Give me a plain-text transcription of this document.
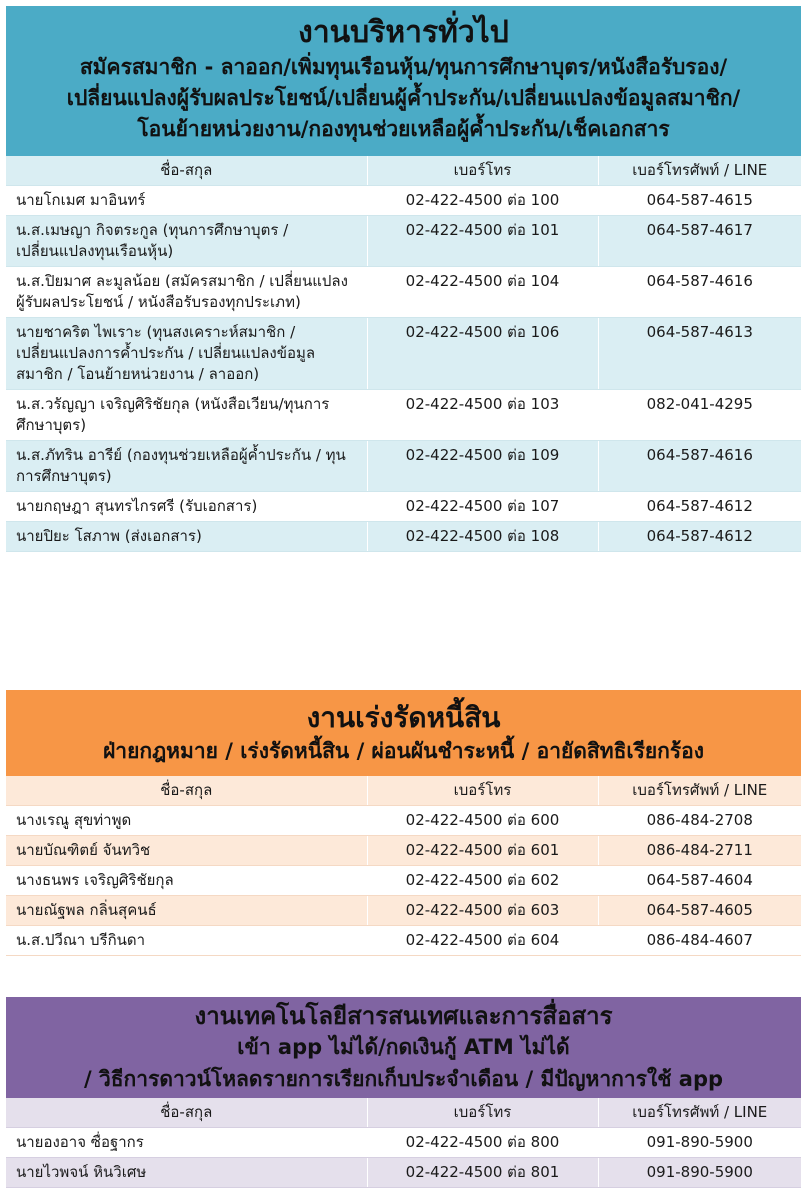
งานบริหารทั่วไป
สมัครสมาชิก - ลาออก/เพิ่มทุนเรือนหุ้น/ทุนการศึกษาบุตร/หนังสือรับรอง/
เปลี่ยนแปลงผู้รับผลประโยชน์/เปลี่ยนผู้ค้ำประกัน/เปลี่ยนแปลงข้อมูลสมาชิก/
โอนย้ายหน่วยงาน/กองทุนช่วยเหลือผู้ค้ำประกัน/เช็คเอกสาร
ชื่อ-สกุล	เบอร์โทร	เบอร์โทรศัพท์ / LINE
นายโกเมศ มาอินทร์	02-422-4500 ต่อ 100	064-587-4615
น.ส.เมษญา กิจตระกูล (ทุนการศึกษาบุตร / เปลี่ยนแปลงทุนเรือนหุ้น)	02-422-4500 ต่อ 101	064-587-4617
น.ส.ปิยมาศ ละมูลน้อย (สมัครสมาชิก / เปลี่ยนแปลงผู้รับผลประโยชน์ / หนังสือรับรองทุกประเภท)	02-422-4500 ต่อ 104	064-587-4616
นายชาคริต ไพเราะ (ทุนสงเคราะห์สมาชิก / เปลี่ยนแปลงการค้ำประกัน / เปลี่ยนแปลงข้อมูลสมาชิก / โอนย้ายหน่วยงาน / ลาออก)	02-422-4500 ต่อ 106	064-587-4613
น.ส.วรัญญา เจริญศิริชัยกุล (หนังสือเวียน/ทุนการศึกษาบุตร)	02-422-4500 ต่อ 103	082-041-4295
น.ส.ภัทริน อารีย์ (กองทุนช่วยเหลือผู้ค้ำประกัน / ทุนการศึกษาบุตร)	02-422-4500 ต่อ 109	064-587-4616
นายกฤษฎา สุนทรไกรศรี (รับเอกสาร)	02-422-4500 ต่อ 107	064-587-4612
นายปิยะ โสภาพ (ส่งเอกสาร)	02-422-4500 ต่อ 108	064-587-4612
งานเร่งรัดหนี้สิน
ฝ่ายกฎหมาย / เร่งรัดหนี้สิน / ผ่อนผันชำระหนี้ / อายัดสิทธิเรียกร้อง
ชื่อ-สกุล	เบอร์โทร	เบอร์โทรศัพท์ / LINE
นางเรณู สุขท่าพูด	02-422-4500 ต่อ 600	086-484-2708
นายบัณฑิตย์ จันทวิช	02-422-4500 ต่อ 601	086-484-2711
นางธนพร เจริญศิริชัยกุล	02-422-4500 ต่อ 602	064-587-4604
นายณัฐพล กลิ่นสุคนธ์	02-422-4500 ต่อ 603	064-587-4605
น.ส.ปวีณา บรีกินดา	02-422-4500 ต่อ 604	086-484-4607
งานเทคโนโลยีสารสนเทศและการสื่อสาร
เข้า app ไม่ได้/กดเงินกู้ ATM ไม่ได้
/ วิธีการดาวน์โหลดรายการเรียกเก็บประจำเดือน / มีปัญหาการใช้ app
ชื่อ-สกุล	เบอร์โทร	เบอร์โทรศัพท์ / LINE
นายองอาจ ซื่อฐากร	02-422-4500 ต่อ 800	091-890-5900
นายไวพจน์ หินวิเศษ	02-422-4500 ต่อ 801	091-890-5900
